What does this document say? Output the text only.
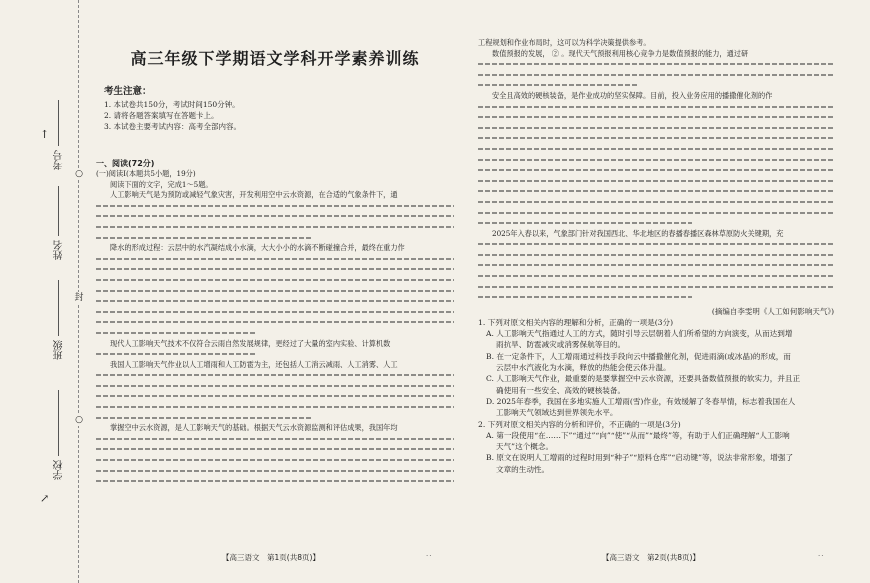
考号
姓名
班级
学校
○
封
○
↑
↗
高三年级下学期语文学科开学素养训练
考生注意：
1. 本试卷共150分，考试时间150分钟。
2. 请将各题答案填写在答题卡上。
3. 本试卷主要考试内容：高考全部内容。
一、阅读(72分)
(一)阅读Ⅰ(本题共5小题，19分)
阅读下面的文字，完成1～5题。
人工影响天气是为预防或减轻气象灾害，开发利用空中云水资源，在合适的气象条件下，通
降水的形成过程：云层中的水汽凝结成小水滴，大大小小的水滴不断碰撞合并，最终在重力作
现代人工影响天气技术不仅符合云雨自然发展规律，更经过了大量的室内实验、计算机数
我国人工影响天气作业以人工增雨和人工防雹为主，还包括人工消云减雨、人工消雾、人工
掌握空中云水资源，是人工影响天气的基础。根据天气云水资源监测和评估成果，我国年均
【高三语文　第1页(共8页)】	··
工程规划和作业布局时，这可以为科学决策提供参考。
数值预报的发展， ② 。现代天气预报利用核心竞争力是数值预报的能力，通过研
安全且高效的硬核装备，是作业成功的坚实保障。目前，投入业务应用的播撒催化剂的作
2025年入春以来，气象部门针对我国西北、华北地区的春播春播区森林草原防火关键期，充
(摘编自李雯明《人工如何影响天气》)
1. 下列对原文相关内容的理解和分析，正确的一项是(3分)
A. 人工影响天气指通过人工的方式，随时引导云层朝着人们所希望的方向演变，从而达到增
雨抗旱、防雹减灾或消雾保航等目的。
B. 在一定条件下，人工增雨通过科技手段向云中播撒催化剂，促进雨滴(或冰晶)的形成，而
云层中水汽液化为水滴，释放的热能会使云体升温。
C. 人工影响天气作业，最重要的是要掌握空中云水资源，还要具备数值预报的软实力，并且正
确使用有一些安全、高效的硬核装备。
D. 2025年春季，我国在多地实施人工增雨(雪)作业，有效缓解了冬春旱情，标志着我国在人
工影响天气领域达到世界领先水平。
2. 下列对原文相关内容的分析和评价，不正确的一项是(3分)
A. 第一段使用“在……下”“通过”“向”“使”“从而”“最终”等，有助于人们正确理解“人工影响
天气”这个概念。
B. 原文在说明人工增雨的过程时用到“种子”“原料仓库”“启动键”等，说法非常形象，增强了
文章的生动性。
【高三语文　第2页(共8页)】	··
